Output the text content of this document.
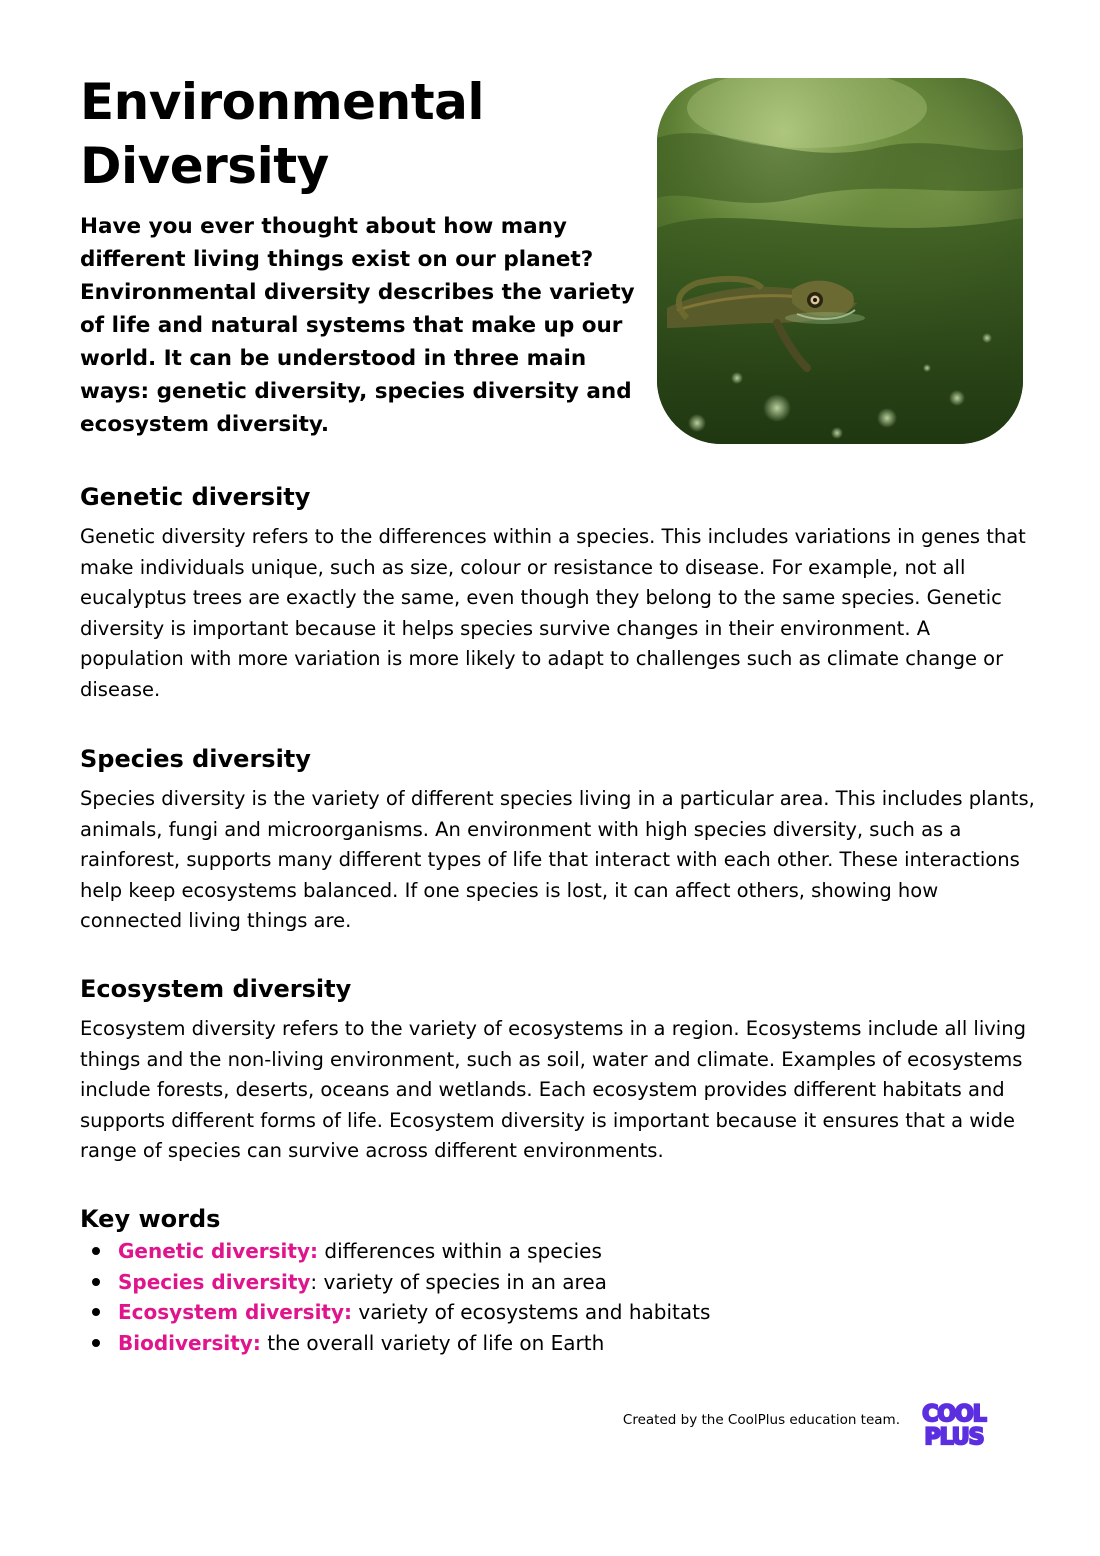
Environmental Diversity

Have you ever thought about how many different living things exist on our planet? Environmental diversity describes the variety of life and natural systems that make up our world. It can be understood in three main ways: genetic diversity, species diversity and ecosystem diversity.

Genetic diversity

Genetic diversity refers to the differences within a species. This includes variations in genes that make individuals unique, such as size, colour or resistance to disease. For example, not all eucalyptus trees are exactly the same, even though they belong to the same species. Genetic diversity is important because it helps species survive changes in their environment. A population with more variation is more likely to adapt to challenges such as climate change or disease.

Species diversity

Species diversity is the variety of different species living in a particular area. This includes plants, animals, fungi and microorganisms. An environment with high species diversity, such as a rainforest, supports many different types of life that interact with each other. These interactions help keep ecosystems balanced. If one species is lost, it can affect others, showing how connected living things are.

Ecosystem diversity

Ecosystem diversity refers to the variety of ecosystems in a region. Ecosystems include all living things and the non-living environment, such as soil, water and climate. Examples of ecosystems include forests, deserts, oceans and wetlands. Each ecosystem provides different habitats and supports different forms of life. Ecosystem diversity is important because it ensures that a wide range of species can survive across different environments.

Key words
Genetic diversity: differences within a species
Species diversity: variety of species in an area
Ecosystem diversity: variety of ecosystems and habitats
Biodiversity: the overall variety of life on Earth
Created by the CoolPlus education team. COOL
PLUS
